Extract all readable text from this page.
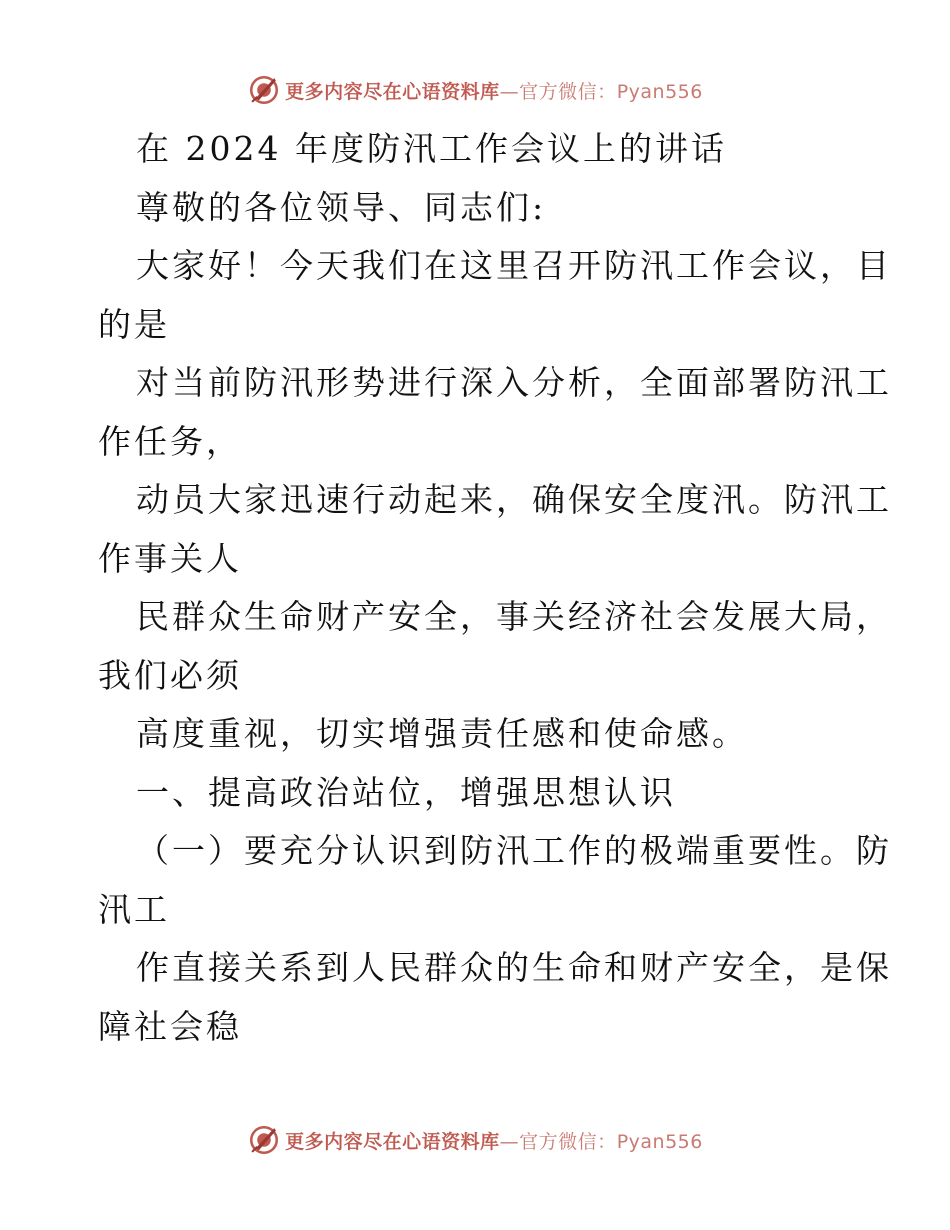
更多内容尽在心语资料库—官方微信：Pyan556
在 2024 年度防汛工作会议上的讲话
尊敬的各位领导、同志们:
大家好！今天我们在这里召开防汛工作会议，目
的是
对当前防汛形势进行深入分析，全面部署防汛工
作任务，
动员大家迅速行动起来，确保安全度汛。防汛工
作事关人
民群众生命财产安全，事关经济社会发展大局，
我们必须
高度重视，切实增强责任感和使命感。
一、提高政治站位，增强思想认识
（一）要充分认识到防汛工作的极端重要性。防
汛工
作直接关系到人民群众的生命和财产安全，是保
障社会稳
更多内容尽在心语资料库—官方微信：Pyan556
